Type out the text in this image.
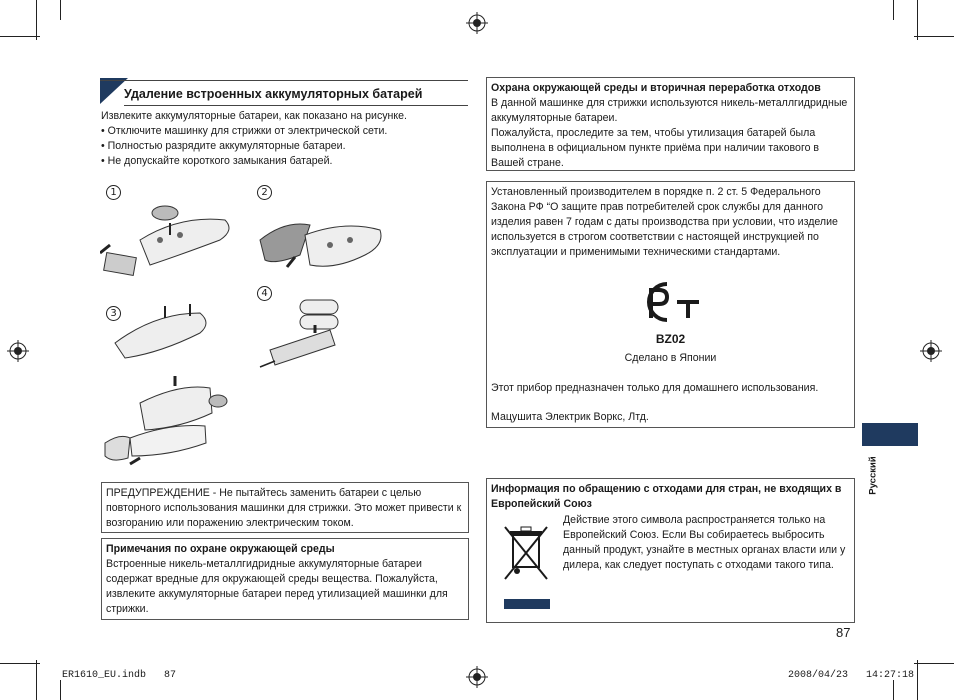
Удаление встроенных аккумуляторных батарей
Извлеките аккумуляторные батареи, как показано на рисунке.
• Отключите машинку для стрижки от электрической сети.
• Полностью разрядите аккумуляторные батареи.
• Не допускайте короткого замыкания батарей.
1	2
3
4
ПРЕДУПРЕЖДЕНИЕ - Не пытайтесь заменить батареи с целью повторного использования машинки для стрижки. Это может привести к возгоранию или поражению электрическим током.
Примечания по охране окружающей среды
Встроенные никель-металлгидридные аккумуляторные батареи содержат вредные для окружающей среды вещества. Пожалуйста, извлеките аккумуляторные батареи перед утилизацией машинки для стрижки.
Охрана окружающей среды и вторичная переработка отходов
В данной машинке для стрижки используются никель-металлгидридные аккумуляторные батареи.
Пожалуйста, проследите за тем, чтобы утилизация батарей была выполнена в официальном пункте приёма при наличии такового в Вашей стране.
Установленный производителем в порядке п. 2 ст. 5 Федерального Закона РФ “О защите прав потребителей срок службы для данного изделия равен 7 годам с даты производства при условии, что изделие используется в строгом соответствии с настоящей инструкцией по эксплуатации и применимыми техническими стандартами.
BZ02
Сделано в Японии
Этот прибор предназначен только для домашнего использования.
Мацушита Электрик Воркс, Лтд.
Информация по обращению с отходами для стран, не входящих в Европейский Союз
Действие этого символа распространяется только на Европейский Союз. Если Вы собираетесь выбросить данный продукт, узнайте в местных органах власти или у дилера, как следует поступать с отходами такого типа.
Русский
87
ER1610_EU.indb   87	2008/04/23   14:27:18
